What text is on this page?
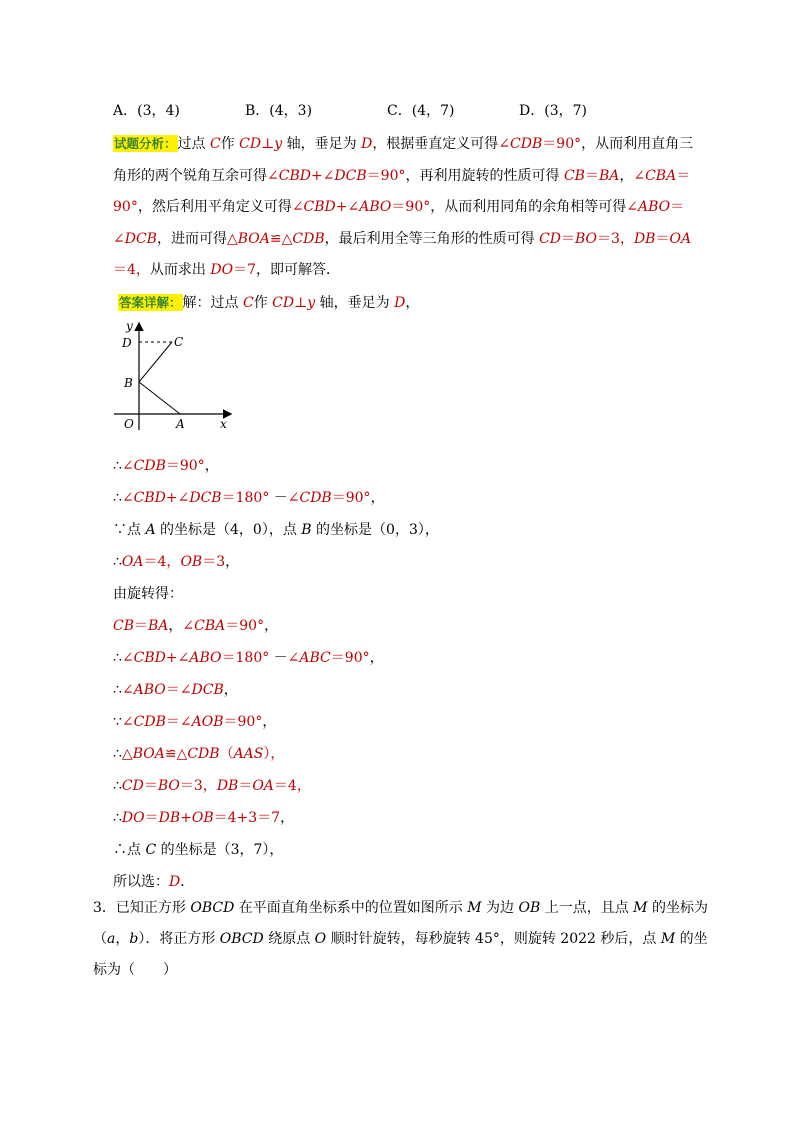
A．(3，4)	B．(4，3)	C．(4，7)	D．(3，7)
试题分析：过点 C作 CD⊥y 轴，垂足为 D，根据垂直定义可得∠CDB＝90°，从而利用直角三角形的两个锐角互余可得∠CBD+∠DCB＝90°，再利用旋转的性质可得 CB＝BA，∠CBA＝90°，然后利用平角定义可得∠CBD+∠ABO＝90°，从而利用同角的余角相等可得∠ABO＝∠DCB，进而可得△BOA≌△CDB，最后利用全等三角形的性质可得 CD＝BO＝3，DB＝OA＝4，从而求出 DO＝7，即可解答．
答案详解：解：过点 C作 CD⊥y 轴，垂足为 D，
y
x
D	C
B
O	A
∴∠CDB＝90°，
∴∠CBD+∠DCB＝180° －∠CDB＝90°，
∵点 A 的坐标是（4，0），点 B 的坐标是（0，3），
∴OA＝4，OB＝3，
由旋转得：
CB＝BA，∠CBA＝90°，
∴∠CBD+∠ABO＝180° －∠ABC＝90°，
∴∠ABO＝∠DCB，
∵∠CDB＝∠AOB＝90°，
∴△BOA≌△CDB（AAS），
∴CD＝BO＝3，DB＝OA＝4，
∴DO＝DB+OB＝4+3＝7，
∴点 C 的坐标是（3，7），
所以选：D．
3．已知正方形 OBCD 在平面直角坐标系中的位置如图所示 M 为边 OB 上一点，且点 M 的坐标为（a，b）．将正方形 OBCD 绕原点 O 顺时针旋转，每秒旋转 45°，则旋转 2022 秒后，点 M 的坐标为（　　）
